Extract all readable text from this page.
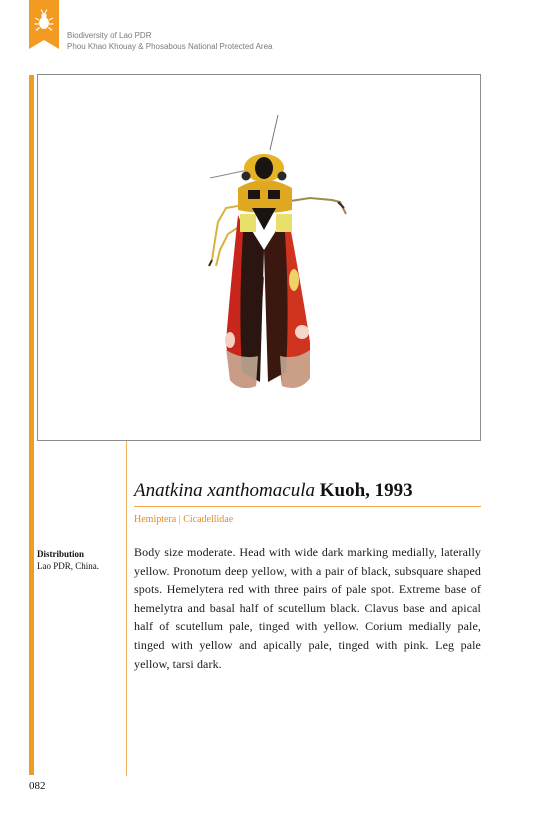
Biodiversity of Lao PDR
Phou Khao Khouay & Phosabous National Protected Area
Anatkina xanthomacula Kuoh, 1993
Hemiptera | Cicadellidae
Distribution
Lao PDR, China.

Body size moderate. Head with wide dark marking medially, laterally yellow. Pronotum deep yellow, with a pair of black, subsquare shaped spots. Hemelytera red with three pairs of pale spot. Extreme base of hemelytra and basal half of scutellum black. Clavus base and apical half of scutellum pale, tinged with yellow. Corium medially pale, tinged with yellow and apically pale, tinged with pink. Leg pale yellow, tarsi dark.

082
